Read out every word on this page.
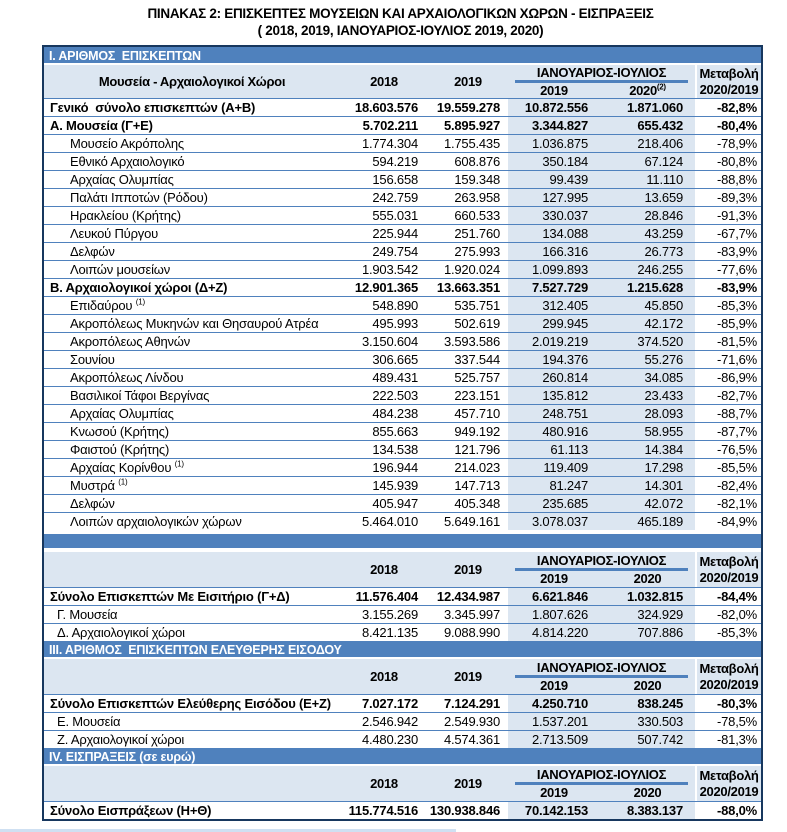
ΠΙΝΑΚΑΣ 2: ΕΠΙΣΚΕΠΤΕΣ ΜΟΥΣΕΙΩΝ ΚΑΙ ΑΡΧΑΙΟΛΟΓΙΚΩΝ ΧΩΡΩΝ - ΕΙΣΠΡΑΞΕΙΣ
( 2018, 2019, ΙΑΝΟΥΑΡΙΟΣ-ΙΟΥΛΙΟΣ 2019, 2020)
Ι. ΑΡΙΘΜΟΣ  ΕΠΙΣΚΕΠΤΩΝ
Μουσεία - Αρχαιολογικοί Χώροι	2018	2019
ΙΑΝΟΥΑΡΙΟΣ-ΙΟΥΛΙΟΣ
2019	2020$^{(2)}$
Μεταβολή
2020/2019
Γενικό  σύνολο επισκεπτών (Α+Β)	18.603.576	19.559.278	10.872.556	1.871.060	-82,8%
Α. Μουσεία (Γ+Ε)	5.702.211	5.895.927	3.344.827	655.432	-80,4%
Μουσείο Ακρόπολης	1.774.304	1.755.435	1.036.875	218.406	-78,9%
Εθνικό Αρχαιολογικό	594.219	608.876	350.184	67.124	-80,8%
Αρχαίας Ολυμπίας	156.658	159.348	99.439	11.110	-88,8%
Παλάτι Ιπποτών (Ρόδου)	242.759	263.958	127.995	13.659	-89,3%
Ηρακλείου (Κρήτης)	555.031	660.533	330.037	28.846	-91,3%
Λευκού Πύργου	225.944	251.760	134.088	43.259	-67,7%
Δελφών	249.754	275.993	166.316	26.773	-83,9%
Λοιπών μουσείων	1.903.542	1.920.024	1.099.893	246.255	-77,6%
Β. Αρχαιολογικοί χώροι (Δ+Ζ)	12.901.365	13.663.351	7.527.729	1.215.628	-83,9%
Επιδαύρου $^{(1)}$	548.890	535.751	312.405	45.850	-85,3%
Ακροπόλεως Μυκηνών και Θησαυρού Ατρέα	495.993	502.619	299.945	42.172	-85,9%
Ακροπόλεως Αθηνών	3.150.604	3.593.586	2.019.219	374.520	-81,5%
Σουνίου	306.665	337.544	194.376	55.276	-71,6%
Ακροπόλεως Λίνδου	489.431	525.757	260.814	34.085	-86,9%
Βασιλικοί Τάφοι Βεργίνας	222.503	223.151	135.812	23.433	-82,7%
Αρχαίας Ολυμπίας	484.238	457.710	248.751	28.093	-88,7%
Κνωσού (Κρήτης)	855.663	949.192	480.916	58.955	-87,7%
Φαιστού (Κρήτης)	134.538	121.796	61.113	14.384	-76,5%
Αρχαίας Κορίνθου $^{(1)}$	196.944	214.023	119.409	17.298	-85,5%
Μυστρά $^{(1)}$	145.939	147.713	81.247	14.301	-82,4%
Δελφών	405.947	405.348	235.685	42.072	-82,1%
Λοιπών αρχαιολογικών χώρων	5.464.010	5.649.161	3.078.037	465.189	-84,9%
2018	2019
ΙΑΝΟΥΑΡΙΟΣ-ΙΟΥΛΙΟΣ
2019	2020
Μεταβολή
2020/2019
Σύνολο Επισκεπτών Με Εισιτήριο (Γ+Δ)	11.576.404	12.434.987	6.621.846	1.032.815	-84,4%
Γ. Μουσεία	3.155.269	3.345.997	1.807.626	324.929	-82,0%
Δ. Αρχαιολογικοί χώροι	8.421.135	9.088.990	4.814.220	707.886	-85,3%
ΙΙΙ. ΑΡΙΘΜΟΣ  ΕΠΙΣΚΕΠΤΩΝ ΕΛΕΥΘΕΡΗΣ ΕΙΣΟΔΟΥ
2018	2019
ΙΑΝΟΥΑΡΙΟΣ-ΙΟΥΛΙΟΣ
2019	2020
Μεταβολή
2020/2019
Σύνολο Επισκεπτών Ελεύθερης Εισόδου (Ε+Ζ)	7.027.172	7.124.291	4.250.710	838.245	-80,3%
Ε. Μουσεία	2.546.942	2.549.930	1.537.201	330.503	-78,5%
Ζ. Αρχαιολογικοί χώροι	4.480.230	4.574.361	2.713.509	507.742	-81,3%
ΙV. ΕΙΣΠΡΑΞΕΙΣ (σε ευρώ)
2018	2019
ΙΑΝΟΥΑΡΙΟΣ-ΙΟΥΛΙΟΣ
2019	2020
Μεταβολή
2020/2019
Σύνολο Εισπράξεων (Η+Θ)	115.774.516 130.938.846	70.142.153	8.383.137	-88,0%
